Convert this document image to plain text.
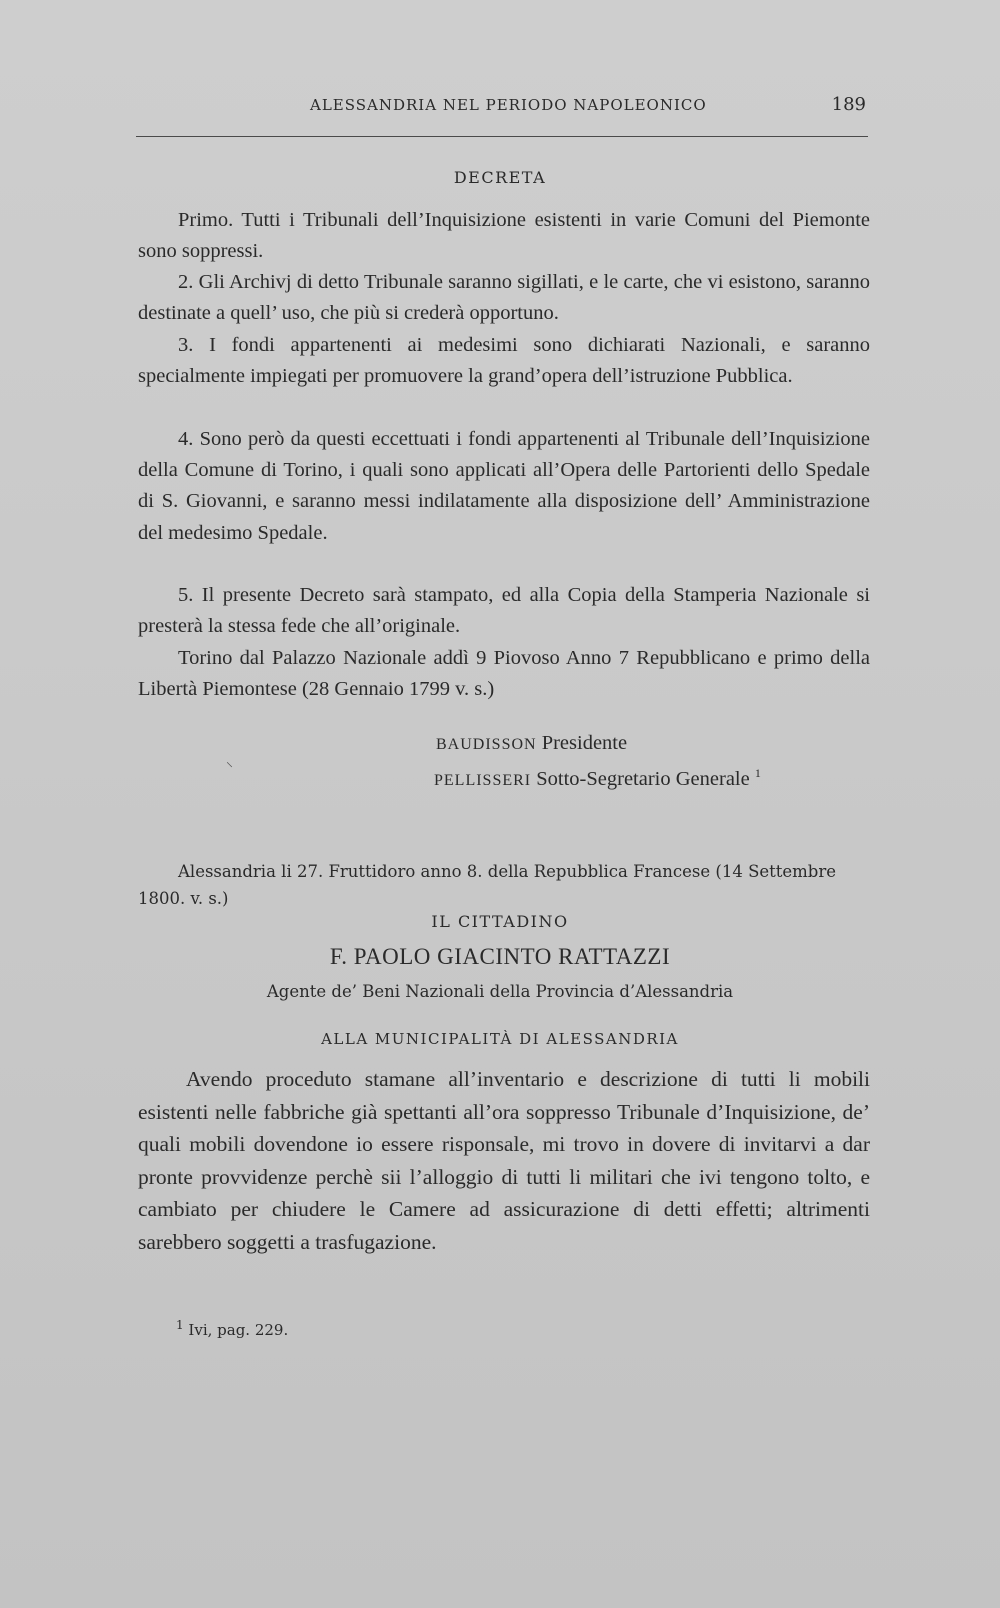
ALESSANDRIA NEL PERIODO NAPOLEONICO	189
DECRETA
Primo. Tutti i Tribunali dell’Inquisizione esistenti in varie Comuni del Piemonte sono soppressi.
2. Gli Archivj di detto Tribunale saranno sigillati, e le carte, che vi esistono, saranno destinate a quell’ uso, che più si crederà opportuno.
3. I fondi appartenenti ai medesimi sono dichiarati Nazionali, e saranno specialmente impiegati per promuovere la grand’opera dell’istruzione Pubblica.
4. Sono però da questi eccettuati i fondi appartenenti al Tribunale dell’Inquisizione della Comune di Torino, i quali sono applicati all’Opera delle Partorienti dello Spedale di S. Giovanni, e saranno messi indilatamente alla disposizione dell’ Amministrazione del medesimo Spedale.
5. Il presente Decreto sarà stampato, ed alla Copia della Stamperia Nazionale si presterà la stessa fede che all’originale.
Torino dal Palazzo Nazionale addì 9 Piovoso Anno 7 Repubblicano e primo della Libertà Piemontese (28 Gennaio 1799 v. s.)
⸌
BAUDISSON Presidente
PELLISSERI Sotto-Segretario Generale $^1$
Alessandria li 27. Fruttidoro anno 8. della Repubblica Francese (14 Settembre 1800. v. s.)
IL CITTADINO
F. PAOLO GIACINTO RATTAZZI
Agente de’ Beni Nazionali della Provincia d’Alessandria
ALLA MUNICIPALITÀ DI ALESSANDRIA
Avendo proceduto stamane all’inventario e descrizione di tutti li mobili esistenti nelle fabbriche già spettanti all’ora soppresso Tribunale d’Inquisizione, de’ quali mobili dovendone io essere risponsale, mi trovo in dovere di invitarvi a dar pronte provvidenze perchè sii l’alloggio di tutti li militari che ivi tengono tolto, e cambiato per chiudere le Camere ad assicurazione di detti effetti; altrimenti sarebbero soggetti a trasfugazione.
$^1$ Ivi, pag. 229.
